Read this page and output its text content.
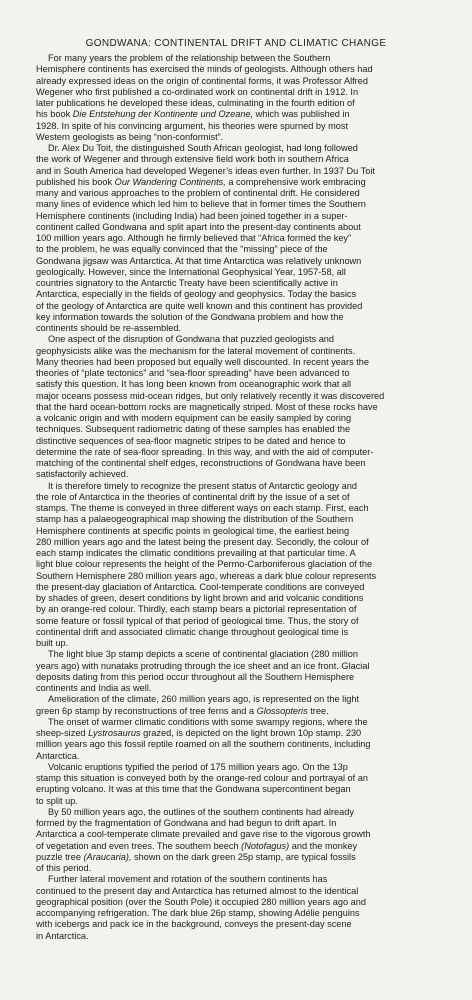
GONDWANA: CONTINENTAL DRIFT AND CLIMATIC CHANGE
For many years the problem of the relationship between the Southern
Hemisphere continents has exercised the minds of geologists. Although others had
already expressed ideas on the origin of continental forms, it was Professor Alfred
Wegener who first published a co-ordinated work on continental drift in 1912. In
later publications he developed these ideas, culminating in the fourth edition of
his book Die Entstehung der Kontinente und Ozeane, which was published in
1928. In spite of his convincing argument, his theories were spurned by most
Western geologists as being “non-conformist”.
Dr. Alex Du Toit, the distinguished South African geologist, had long followed
the work of Wegener and through extensive field work both in southern Africa
and in South America had developed Wegener’s ideas even further. In 1937 Du Toit
published his book Our Wandering Continents, a comprehensive work embracing
many and various approaches to the problem of continental drift. He considered
many lines of evidence which led him to believe that in former times the Southern
Hemisphere continents (including India) had been joined together in a super-
continent called Gondwana and split apart into the present-day continents about
100 million years ago. Although he firmly believed that “Africa formed the key”
to the problem, he was equally convinced that the “missing” piece of the
Gondwana jigsaw was Antarctica. At that time Antarctica was relatively unknown
geologically. However, since the International Geophysical Year, 1957-58, all
countries signatory to the Antarctic Treaty have been scientifically active in
Antarctica, especially in the fields of geology and geophysics. Today the basics
of the geology of Antarctica are quite well known and this continent has provided
key information towards the solution of the Gondwana problem and how the
continents should be re-assembled.
One aspect of the disruption of Gondwana that puzzled geologists and
geophysicists alike was the mechanism for the lateral movement of continents.
Many theories had been proposed but equally well discounted. In recent years the
theories of “plate tectonics” and “sea-floor spreading” have been advanced to
satisfy this question. It has long been known from oceanographic work that all
major oceans possess mid-ocean ridges, but only relatively recently it was discovered
that the hard ocean-bottom rocks are magnetically striped. Most of these rocks have
a volcanic origin and with modern equipment can be easily sampled by coring
techniques. Subsequent radiometric dating of these samples has enabled the
distinctive sequences of sea-floor magnetic stripes to be dated and hence to
determine the rate of sea-floor spreading. In this way, and with the aid of computer-
matching of the continental shelf edges, reconstructions of Gondwana have been
satisfactorily achieved.
It is therefore timely to recognize the present status of Antarctic geology and
the role of Antarctica in the theories of continental drift by the issue of a set of
stamps. The theme is conveyed in three different ways on each stamp. First, each
stamp has a palaeogeographical map showing the distribution of the Southern
Hemisphere continents at specific points in geological time, the earliest being
280 million years ago and the latest being the present day. Secondly, the colour of
each stamp indicates the climatic conditions prevailing at that particular time. A
light blue colour represents the height of the Permo-Carboniferous glaciation of the
Southern Hemisphere 280 million years ago, whereas a dark blue colour represents
the present-day glaciation of Antarctica. Cool-temperate conditions are conveyed
by shades of green, desert conditions by light brown and arid volcanic conditions
by an orange-red colour. Thirdly, each stamp bears a pictorial representation of
some feature or fossil typical of that period of geological time. Thus, the story of
continental drift and associated climatic change throughout geological time is
built up.
The light blue 3p stamp depicts a scene of continental glaciation (280 million
years ago) with nunataks protruding through the ice sheet and an ice front. Glacial
deposits dating from this period occur throughout all the Southern Hemisphere
continents and India as well.
Amelioration of the climate, 260 million years ago, is represented on the light
green 6p stamp by reconstructions of tree ferns and a Glossopteris tree.
The onset of warmer climatic conditions with some swampy regions, where the
sheep-sized Lystrosaurus grazed, is depicted on the light brown 10p stamp. 230
million years ago this fossil reptile roamed on all the southern continents, including
Antarctica.
Volcanic eruptions typified the period of 175 million years ago. On the 13p
stamp this situation is conveyed both by the orange-red colour and portrayal of an
erupting volcano. It was at this time that the Gondwana supercontinent began
to split up.
By 50 million years ago, the outlines of the southern continents had already
formed by the fragmentation of Gondwana and had begun to drift apart. In
Antarctica a cool-temperate climate prevailed and gave rise to the vigorous growth
of vegetation and even trees. The southern beech (Notofagus) and the monkey
puzzle tree (Araucaria), shown on the dark green 25p stamp, are typical fossils
of this period.
Further lateral movement and rotation of the southern continents has
continued to the present day and Antarctica has returned almost to the identical
geographical position (over the South Pole) it occupied 280 million years ago and
accompanying refrigeration. The dark blue 26p stamp, showing Adélie penguins
with icebergs and pack ice in the background, conveys the present-day scene
in Antarctica.
